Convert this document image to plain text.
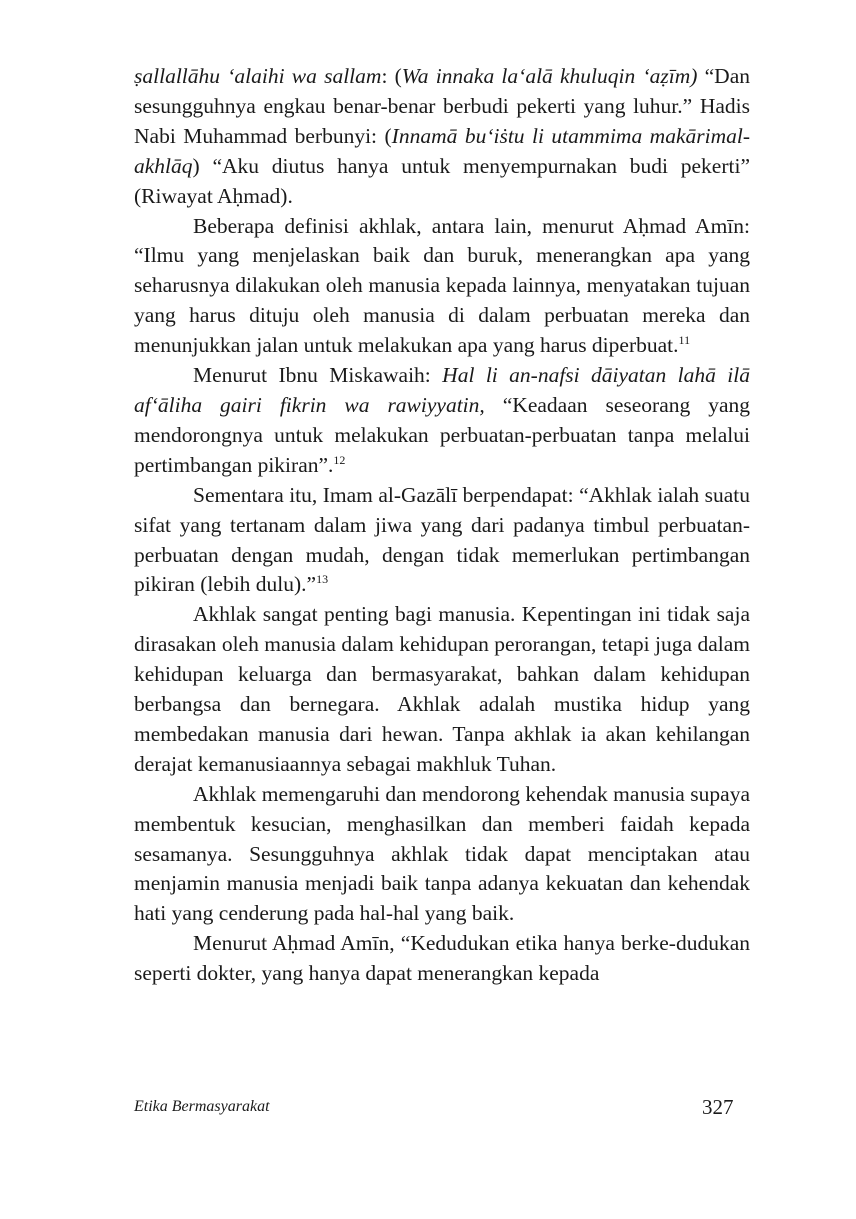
ṣallallāhu ‘alaihi wa sallam: (Wa innaka la‘alā khuluqin ‘aẓīm) “Dan sesungguhnya engkau benar-benar berbudi pekerti yang luhur.” Hadis Nabi Muhammad berbunyi: (Innamā bu‘iṡtu li utammima makārimal-akhlāq) “Aku diutus hanya untuk menyempurnakan budi pekerti” (Riwayat Aḥmad).

Beberapa definisi akhlak, antara lain, menurut Aḥmad Amīn: “Ilmu yang menjelaskan baik dan buruk, menerangkan apa yang seharusnya dilakukan oleh manusia kepada lainnya, menyatakan tujuan yang harus dituju oleh manusia di dalam perbuatan mereka dan menunjukkan jalan untuk melakukan apa yang harus diperbuat.$^{11}$

Menurut Ibnu Miskawaih: Hal li an-nafsi dāiyatan lahā ilā af‘āliha gairi fikrin wa rawiyyatin, “Keadaan seseorang yang mendorongnya untuk melakukan perbuatan-perbuatan tanpa melalui pertimbangan pikiran”.$^{12}$

Sementara itu, Imam al-Gazālī berpendapat: “Akhlak ialah suatu sifat yang tertanam dalam jiwa yang dari padanya timbul perbuatan-perbuatan dengan mudah, dengan tidak memerlukan pertimbangan pikiran (lebih dulu).”$^{13}$

Akhlak sangat penting bagi manusia. Kepentingan ini tidak saja dirasakan oleh manusia dalam kehidupan perorangan, tetapi juga dalam kehidupan keluarga dan bermasyarakat, bahkan dalam kehidupan berbangsa dan bernegara. Akhlak adalah mustika hidup yang membedakan manusia dari hewan. Tanpa akhlak ia akan kehilangan derajat kemanusiaannya sebagai makhluk Tuhan.

Akhlak memengaruhi dan mendorong kehendak manusia supaya membentuk kesucian, menghasilkan dan memberi faidah kepada sesamanya. Sesungguhnya akhlak tidak dapat menciptakan atau menjamin manusia menjadi baik tanpa adanya kekuatan dan kehendak hati yang cenderung pada hal-hal yang baik.

Menurut Aḥmad Amīn, “Kedudukan etika hanya berke-dudukan seperti dokter, yang hanya dapat menerangkan kepada

Etika Bermasyarakat	327
